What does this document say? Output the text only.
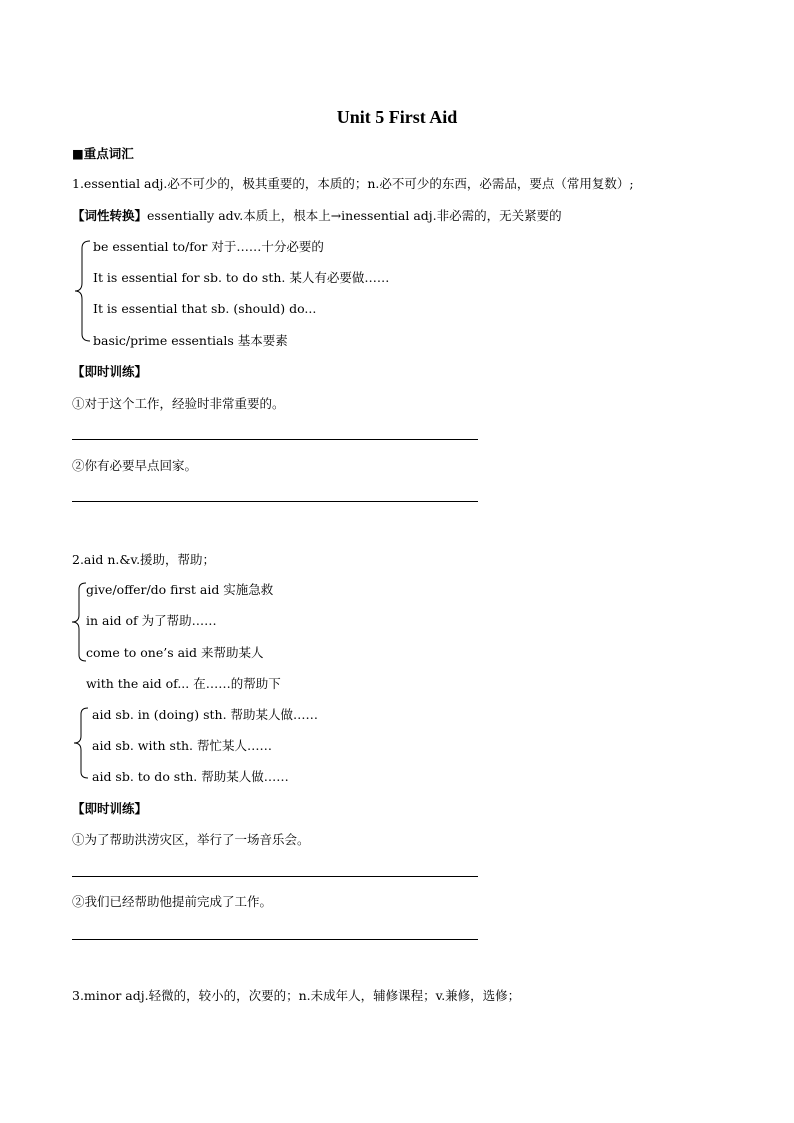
Unit 5 First Aid
■重点词汇
1.essential adj.必不可少的，极其重要的，本质的；n.必不可少的东西，必需品，要点（常用复数）;
【词性转换】essentially adv.本质上，根本上→inessential adj.非必需的，无关紧要的
be essential to/for 对于……十分必要的
It is essential for sb. to do sth. 某人有必要做……
It is essential that sb. (should) do...
basic/prime essentials 基本要素
【即时训练】
①对于这个工作，经验时非常重要的。
②你有必要早点回家。
2.aid n.&v.援助，帮助；
give/offer/do first aid 实施急救
in aid of 为了帮助……
come to one’s aid 来帮助某人
with the aid of... 在……的帮助下
aid sb. in (doing) sth. 帮助某人做……
aid sb. with sth. 帮忙某人……
aid sb. to do sth. 帮助某人做……
【即时训练】
①为了帮助洪涝灾区，举行了一场音乐会。
②我们已经帮助他提前完成了工作。
3.minor adj.轻微的，较小的，次要的；n.未成年人，辅修课程；v.兼修，选修；
